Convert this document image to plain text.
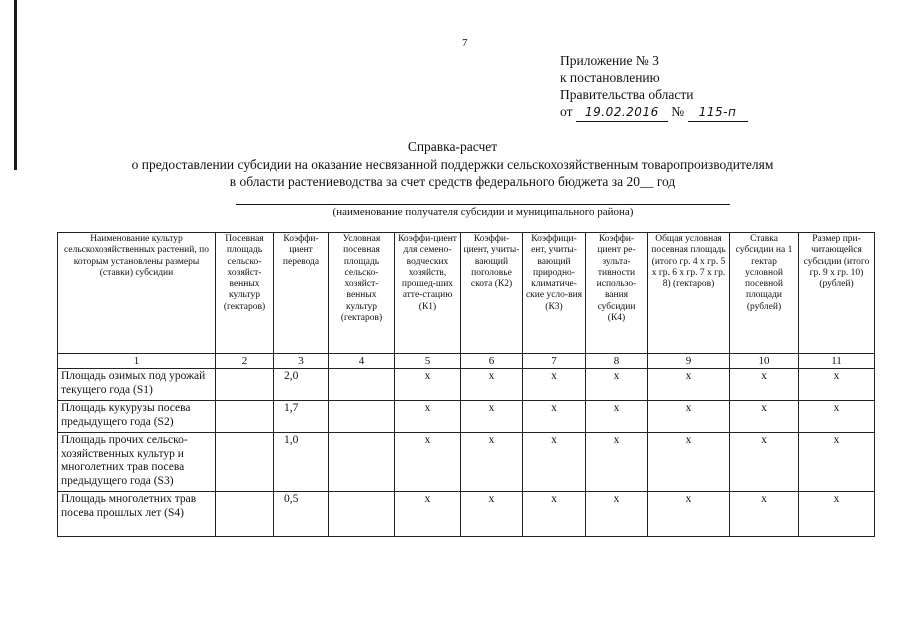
7
Приложение № 3
к постановлению
Правительства области
от 19.02.2016 № 115-п
Справка-расчет
о предоставлении субсидии на оказание несвязанной поддержки сельскохозяйственным товаропроизводителям
в области растениеводства за счет средств федерального бюджета за 20__ год
(наименование получателя субсидии и муниципального района)
Наименование культур сельскохозяйственных растений, по которым установлены размеры (ставки) субсидии	Посевная площадь сельско-хозяйст-венных культур (гектаров)	Коэффи-циент перевода	Условная посевная площадь сельско-хозяйст-венных культур (гектаров)	Коэффи-циент для семено-водческих хозяйств, прошед-ших атте-стацию (К1)	Коэффи-циент, учиты-вающий поголовье скота (К2)	Коэффици-ент, учиты-вающий природно-климатиче-ские усло-вия (К3)	Коэффи-циент ре-зульта-тивности использо-вания субсидии (К4)	Общая условная посевная площадь (итого гр. 4 х гр. 5 х гр. 6 х гр. 7 х гр. 8) (гектаров)	Ставка субсидии на 1 гектар условной посевной площади (рублей)	Размер при-читающейся субсидии (итого гр. 9 х гр. 10) (рублей)
1	2	3	4	5	6	7	8	9	10	11
Площадь озимых под урожай текущего года (S1)		2,0		x	x	x	x	x	x	x
Площадь кукурузы посева предыдущего года (S2)		1,7		x	x	x	x	x	x	x
Площадь прочих сельско-хозяйственных культур и многолетних трав посева предыдущего года (S3)		1,0		x	x	x	x	x	x	x
Площадь многолетних трав посева прошлых лет (S4)		0,5		x	x	x	x	x	x	x
